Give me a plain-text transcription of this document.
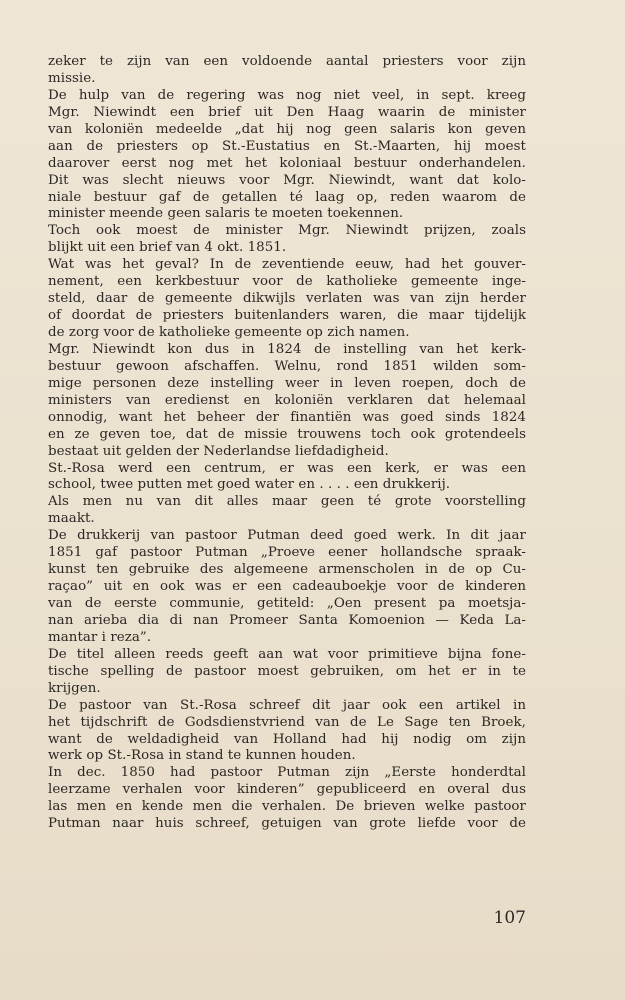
zeker te zijn van een voldoende aantal priesters voor zijn
missie.
De hulp van de regering was nog niet veel, in sept. kreeg
Mgr. Niewindt een brief uit Den Haag waarin de minister
van koloniën medeelde „dat hij nog geen salaris kon geven
aan de priesters op St.-Eustatius en St.-Maarten, hij moest
daarover eerst nog met het koloniaal bestuur onderhandelen.
Dit was slecht nieuws voor Mgr. Niewindt, want dat kolo-
niale bestuur gaf de getallen té laag op, reden waarom de
minister meende geen salaris te moeten toekennen.
Toch ook moest de minister Mgr. Niewindt prijzen, zoals
blijkt uit een brief van 4 okt. 1851.
Wat was het geval? In de zeventiende eeuw, had het gouver-
nement, een kerkbestuur voor de katholieke gemeente inge-
steld, daar de gemeente dikwijls verlaten was van zijn herder
of doordat de priesters buitenlanders waren, die maar tijdelijk
de zorg voor de katholieke gemeente op zich namen.
Mgr. Niewindt kon dus in 1824 de instelling van het kerk-
bestuur gewoon afschaffen. Welnu, rond 1851 wilden som-
mige personen deze instelling weer in leven roepen, doch de
ministers van eredienst en koloniën verklaren dat helemaal
onnodig, want het beheer der finantiën was goed sinds 1824
en ze geven toe, dat de missie trouwens toch ook grotendeels
bestaat uit gelden der Nederlandse liefdadigheid.
St.-Rosa werd een centrum, er was een kerk, er was een
school, twee putten met goed water en . . . . een drukkerij.
Als men nu van dit alles maar geen té grote voorstelling
maakt.
De drukkerij van pastoor Putman deed goed werk. In dit jaar
1851 gaf pastoor Putman „Proeve eener hollandsche spraak-
kunst ten gebruike des algemeene armenscholen in de op Cu-
raçao” uit en ook was er een cadeauboekje voor de kinderen
van de eerste communie, getiteld: „Oen present pa moetsja-
nan arieba dia di nan Promeer Santa Komoenion — Keda La-
mantar i reza”.
De titel alleen reeds geeft aan wat voor primitieve bijna fone-
tische spelling de pastoor moest gebruiken, om het er in te
krijgen.
De pastoor van St.-Rosa schreef dit jaar ook een artikel in
het tijdschrift de Godsdienstvriend van de Le Sage ten Broek,
want de weldadigheid van Holland had hij nodig om zijn
werk op St.-Rosa in stand te kunnen houden.
In dec. 1850 had pastoor Putman zijn „Eerste honderdtal
leerzame verhalen voor kinderen” gepubliceerd en overal dus
las men en kende men die verhalen. De brieven welke pastoor
Putman naar huis schreef, getuigen van grote liefde voor de
107
